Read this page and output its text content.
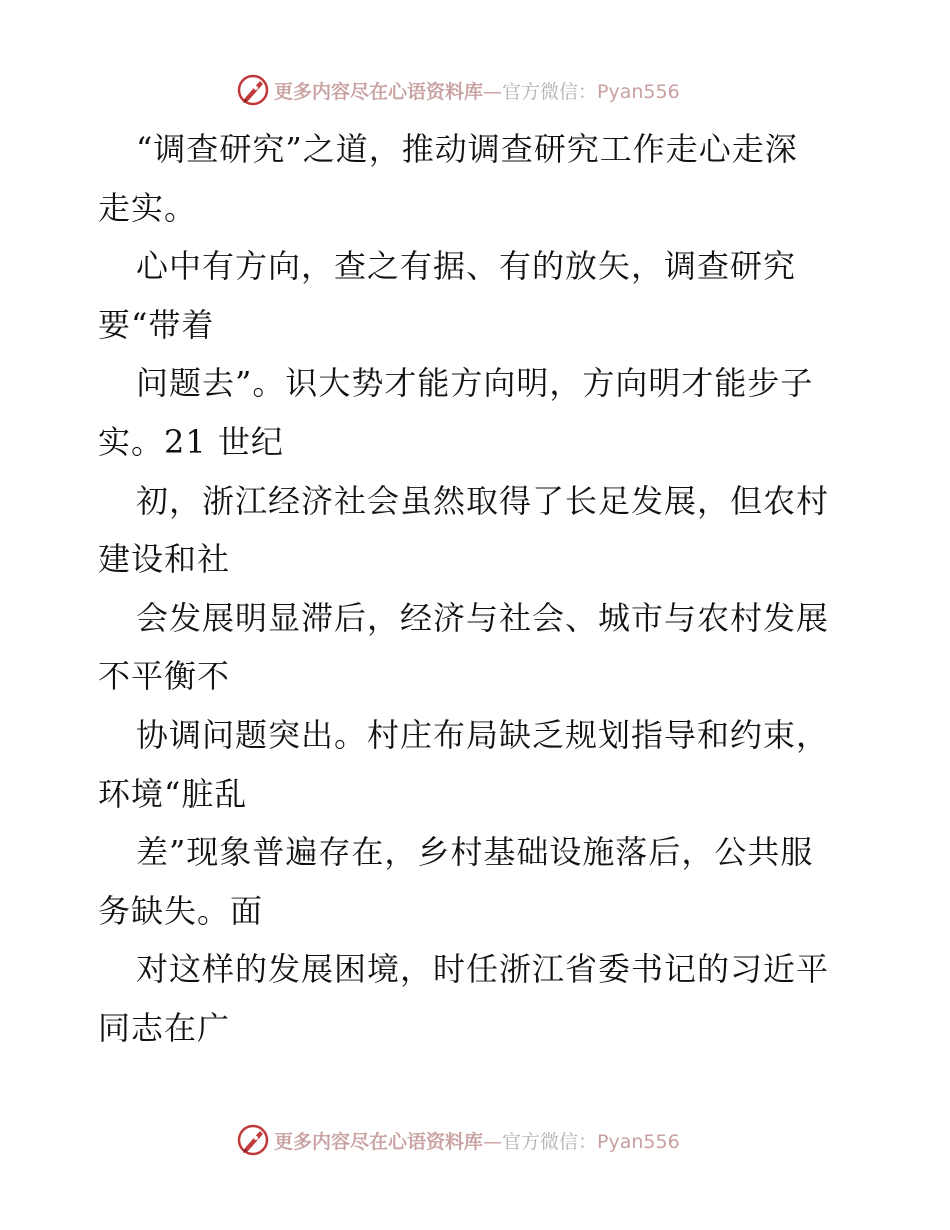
更多内容尽在心语资料库—官方微信：Pyan556
“调查研究”之道，推动调查研究工作走心走深
走实。
心中有方向，查之有据、有的放矢，调查研究
要“带着
问题去”。识大势才能方向明，方向明才能步子
实。21 世纪
初，浙江经济社会虽然取得了长足发展，但农村
建设和社
会发展明显滞后，经济与社会、城市与农村发展
不平衡不
协调问题突出。村庄布局缺乏规划指导和约束，
环境“脏乱
差”现象普遍存在，乡村基础设施落后，公共服
务缺失。面
对这样的发展困境，时任浙江省委书记的习近平
同志在广
更多内容尽在心语资料库—官方微信：Pyan556
